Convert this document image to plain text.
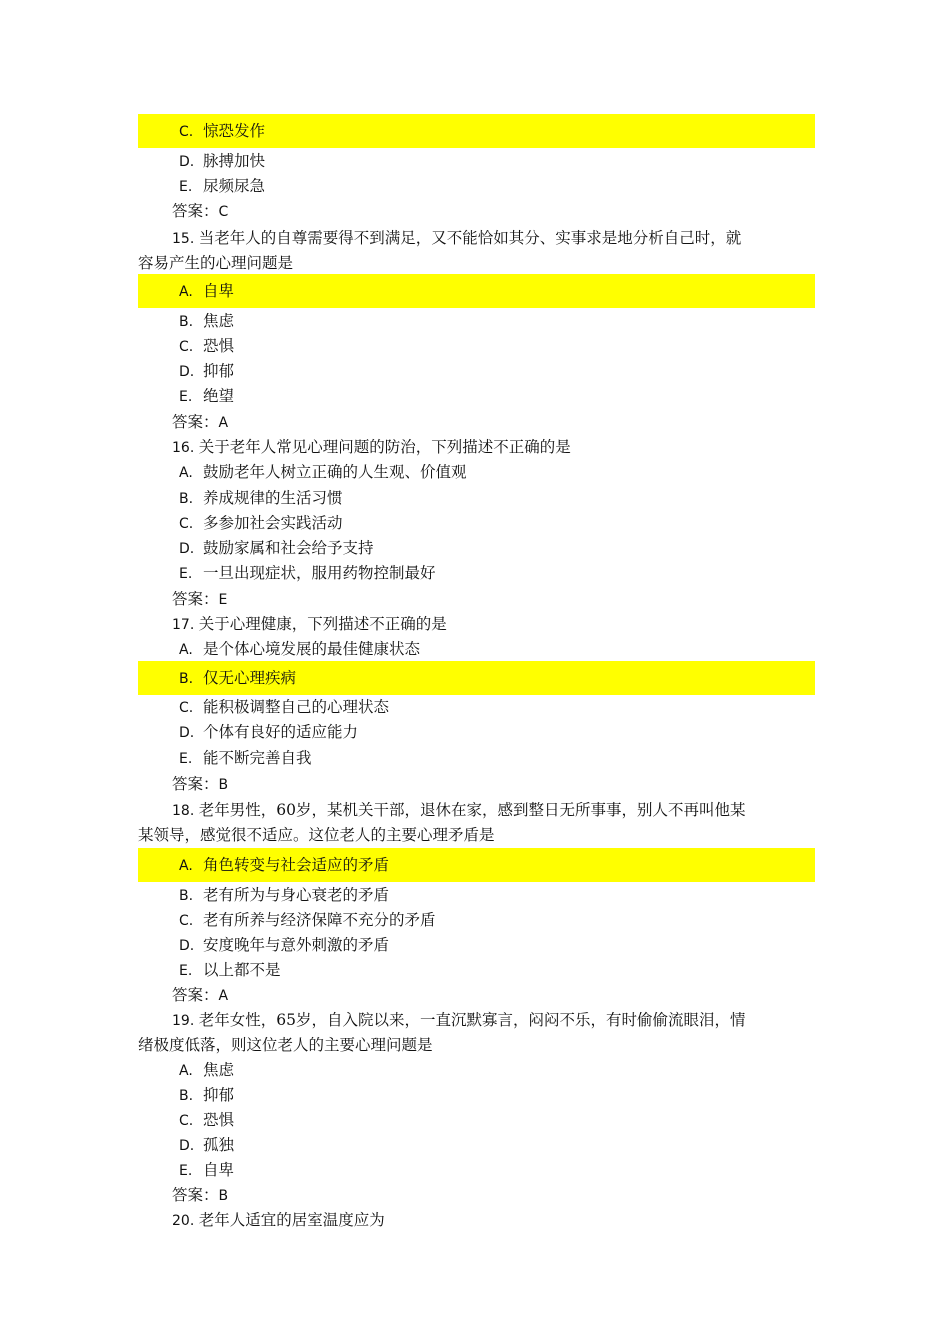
C. 惊恐发作
D. 脉搏加快
E. 尿频尿急
答案：C
15. 当老年人的自尊需要得不到满足，又不能恰如其分、实事求是地分析自己时，就
容易产生的心理问题是
A. 自卑
B. 焦虑
C. 恐惧
D. 抑郁
E. 绝望
答案：A
16. 关于老年人常见心理问题的防治，下列描述不正确的是
A. 鼓励老年人树立正确的人生观、价值观
B. 养成规律的生活习惯
C. 多参加社会实践活动
D. 鼓励家属和社会给予支持
E. 一旦出现症状，服用药物控制最好
答案：E
17. 关于心理健康，下列描述不正确的是
A. 是个体心境发展的最佳健康状态
B. 仅无心理疾病
C. 能积极调整自己的心理状态
D. 个体有良好的适应能力
E. 能不断完善自我
答案：B
18. 老年男性，60岁，某机关干部，退休在家，感到整日无所事事，别人不再叫他某
某领导，感觉很不适应。这位老人的主要心理矛盾是
A. 角色转变与社会适应的矛盾
B. 老有所为与身心衰老的矛盾
C. 老有所养与经济保障不充分的矛盾
D. 安度晚年与意外刺激的矛盾
E. 以上都不是
答案：A
19. 老年女性，65岁，自入院以来，一直沉默寡言，闷闷不乐，有时偷偷流眼泪，情
绪极度低落，则这位老人的主要心理问题是
A. 焦虑
B. 抑郁
C. 恐惧
D. 孤独
E. 自卑
答案：B
20. 老年人适宜的居室温度应为
